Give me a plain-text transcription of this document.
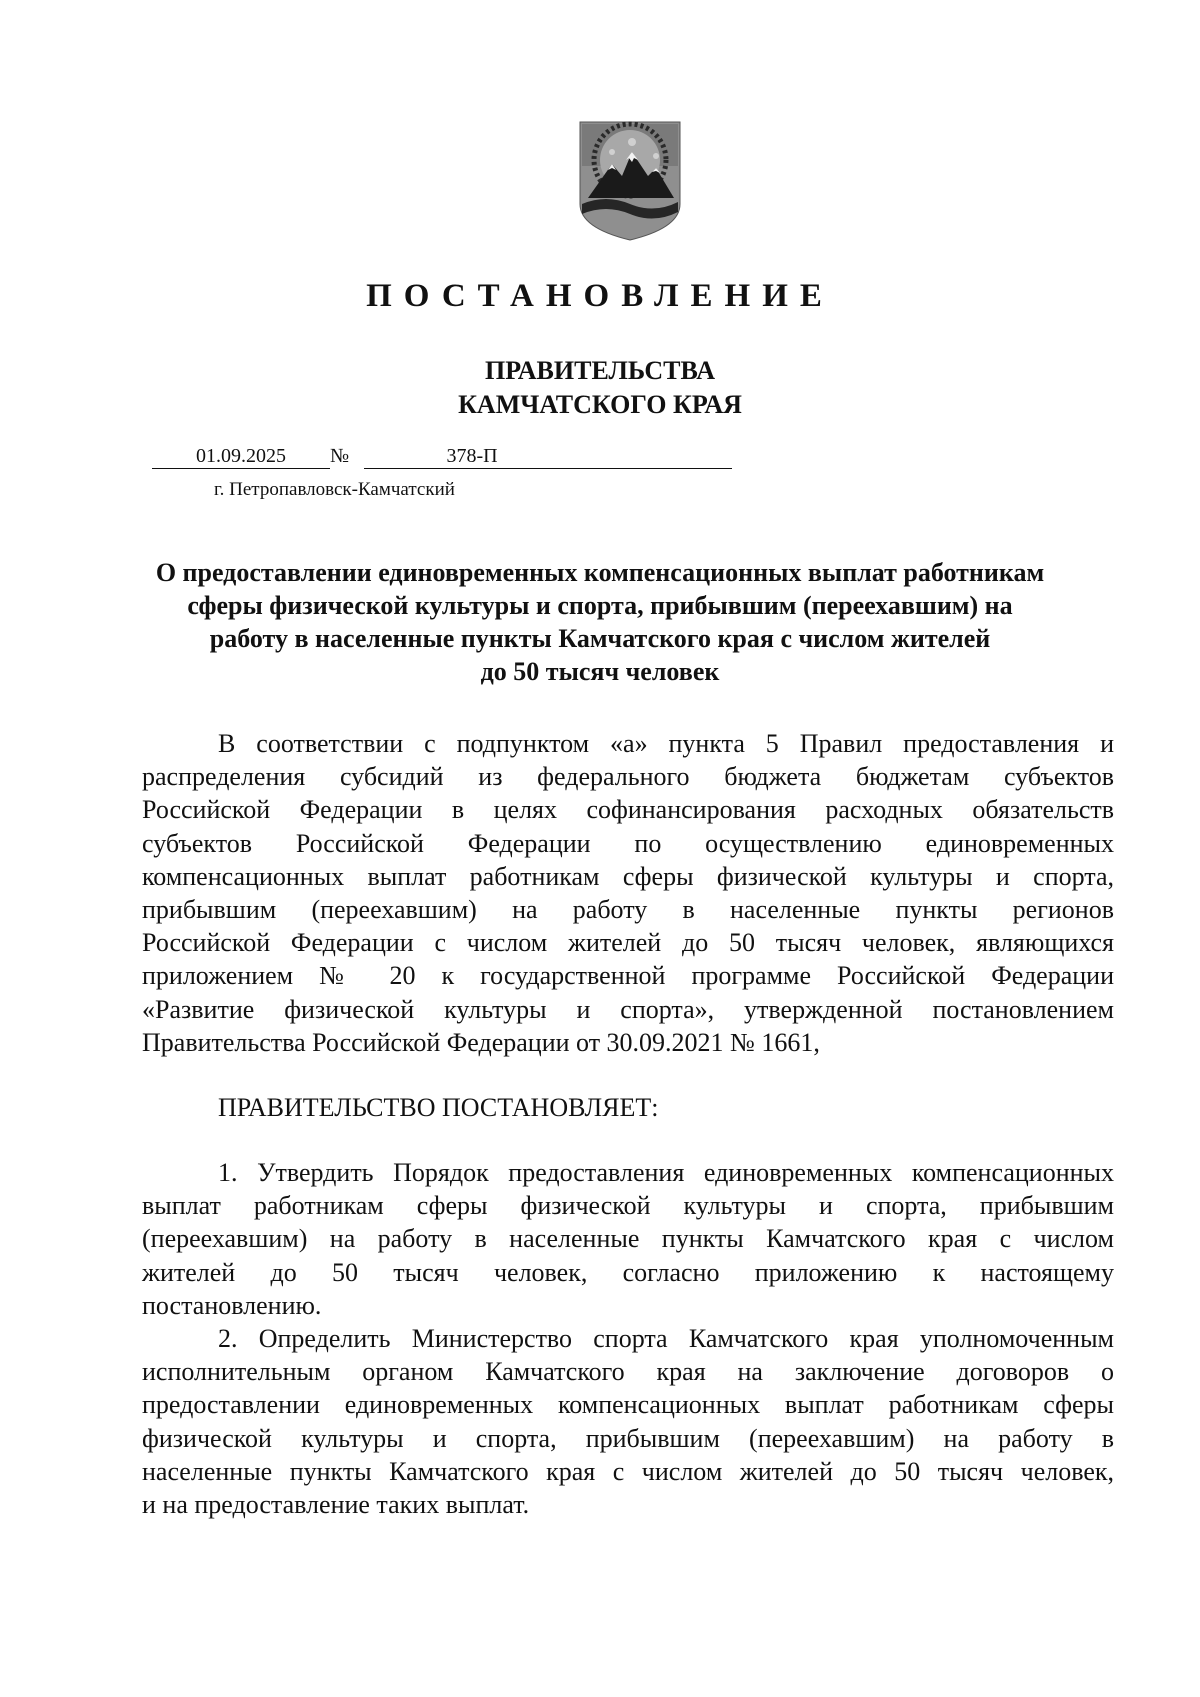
ПОСТАНОВЛЕНИЕ
ПРАВИТЕЛЬСТВА
КАМЧАТСКОГО КРАЯ
01.09.2025	№	378-П
г. Петропавловск-Камчатский
О предоставлении единовременных компенсационных выплат работникам
сферы физической культуры и спорта, прибывшим (переехавшим) на
работу в населенные пункты Камчатского края с числом жителей
до 50 тысяч человек
В соответствии с подпунктом «а» пункта 5 Правил предоставления и
распределения субсидий из федерального бюджета бюджетам субъектов
Российской Федерации в целях софинансирования расходных обязательств
субъектов Российской Федерации по осуществлению единовременных
компенсационных выплат работникам сферы физической культуры и спорта,
прибывшим (переехавшим) на работу в населенные пункты регионов
Российской Федерации с числом жителей до 50 тысяч человек, являющихся
приложением № 20 к государственной программе Российской Федерации
«Развитие физической культуры и спорта», утвержденной постановлением
Правительства Российской Федерации от 30.09.2021 № 1661,
ПРАВИТЕЛЬСТВО ПОСТАНОВЛЯЕТ:
1. Утвердить Порядок предоставления единовременных компенсационных
выплат работникам сферы физической культуры и спорта, прибывшим
(переехавшим) на работу в населенные пункты Камчатского края с числом
жителей до 50 тысяч человек, согласно приложению к настоящему
постановлению.
2. Определить Министерство спорта Камчатского края уполномоченным
исполнительным органом Камчатского края на заключение договоров о
предоставлении единовременных компенсационных выплат работникам сферы
физической культуры и спорта, прибывшим (переехавшим) на работу в
населенные пункты Камчатского края с числом жителей до 50 тысяч человек,
и на предоставление таких выплат.
